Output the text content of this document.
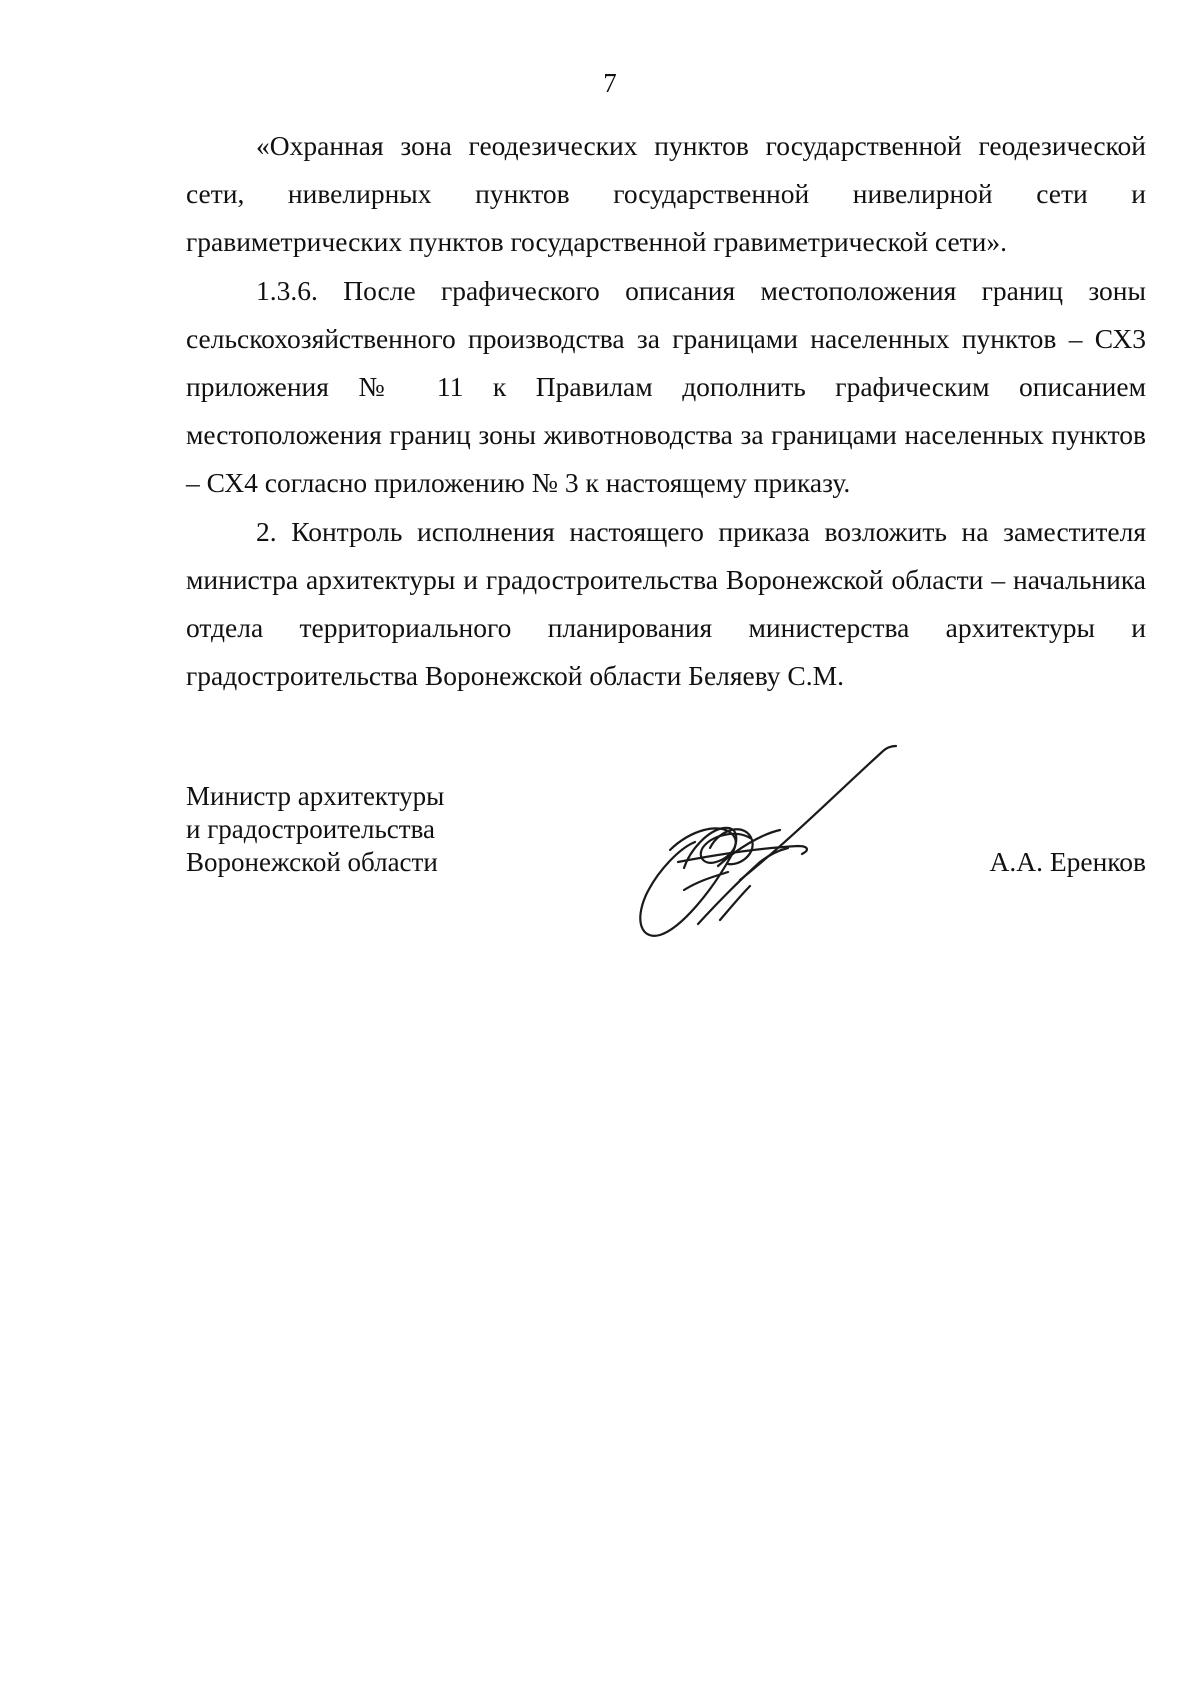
7

«Охранная зона геодезических пунктов государственной геодезической сети, нивелирных пунктов государственной нивелирной сети и гравиметрических пунктов государственной гравиметрической сети».

1.3.6. После графического описания местоположения границ зоны сельскохозяйственного производства за границами населенных пунктов – СХ3 приложения № 11 к Правилам дополнить графическим описанием местоположения границ зоны животноводства за границами населенных пунктов – СХ4 согласно приложению № 3 к настоящему приказу.

2. Контроль исполнения настоящего приказа возложить на заместителя министра архитектуры и градостроительства Воронежской области – начальника отдела территориального планирования министерства архитектуры и градостроительства Воронежской области Беляеву С.М.

Министр архитектуры
и градостроительства
Воронежской области	А.А. Еренков
